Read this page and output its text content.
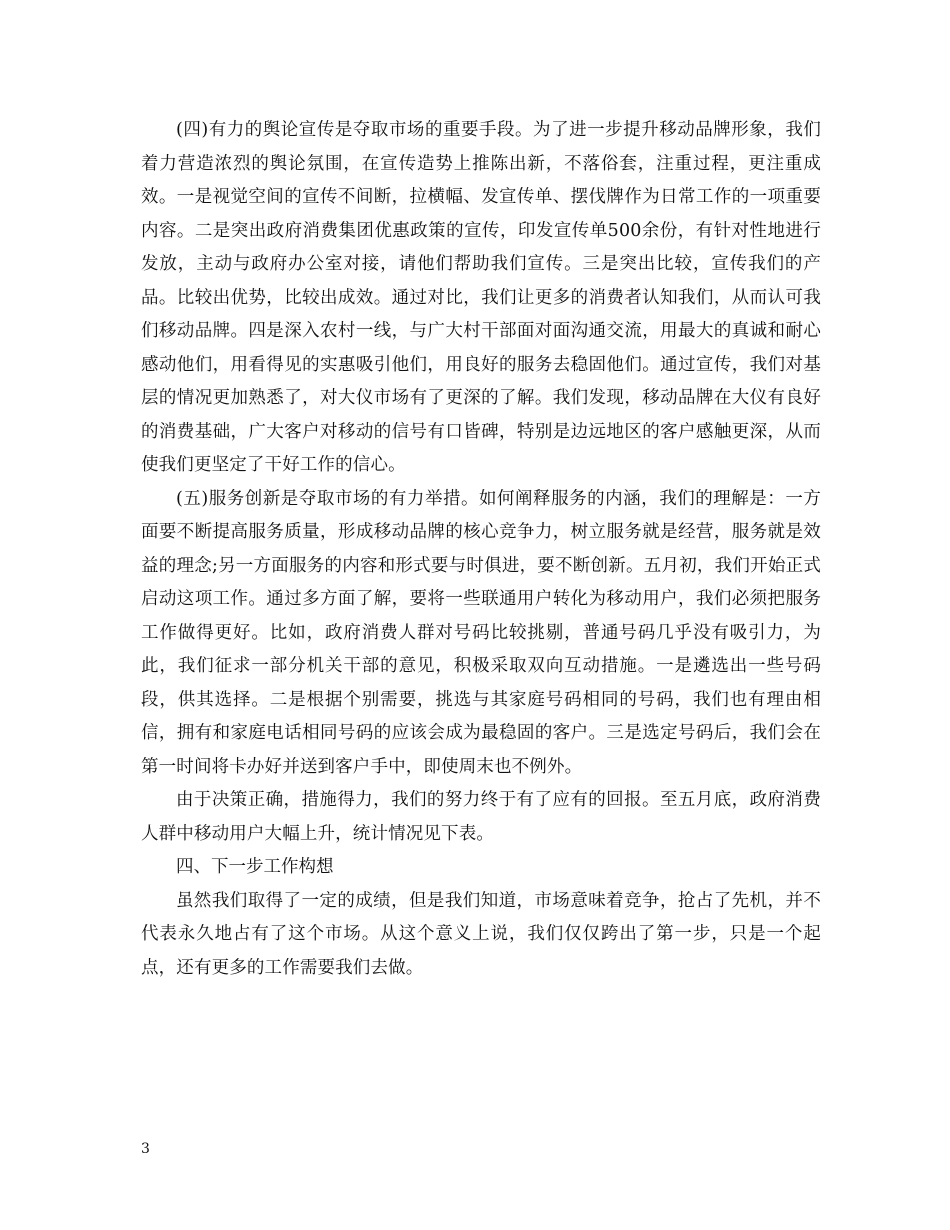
(四)有力的舆论宣传是夺取市场的重要手段。为了进一步提升移动品牌形象，我们着力营造浓烈的舆论氛围，在宣传造势上推陈出新，不落俗套，注重过程，更注重成效。一是视觉空间的宣传不间断，拉横幅、发宣传单、摆伐牌作为日常工作的一项重要内容。二是突出政府消费集团优惠政策的宣传，印发宣传单500余份，有针对性地进行发放，主动与政府办公室对接，请他们帮助我们宣传。三是突出比较，宣传我们的产品。比较出优势，比较出成效。通过对比，我们让更多的消费者认知我们，从而认可我们移动品牌。四是深入农村一线，与广大村干部面对面沟通交流，用最大的真诚和耐心感动他们，用看得见的实惠吸引他们，用良好的服务去稳固他们。通过宣传，我们对基层的情况更加熟悉了，对大仪市场有了更深的了解。我们发现，移动品牌在大仪有良好的消费基础，广大客户对移动的信号有口皆碑，特别是边远地区的客户感触更深，从而使我们更坚定了干好工作的信心。

(五)服务创新是夺取市场的有力举措。如何阐释服务的内涵，我们的理解是：一方面要不断提高服务质量，形成移动品牌的核心竞争力，树立服务就是经营，服务就是效益的理念;另一方面服务的内容和形式要与时俱进，要不断创新。五月初，我们开始正式启动这项工作。通过多方面了解，要将一些联通用户转化为移动用户，我们必须把服务工作做得更好。比如，政府消费人群对号码比较挑剔，普通号码几乎没有吸引力，为此，我们征求一部分机关干部的意见，积极采取双向互动措施。一是遴选出一些号码段，供其选择。二是根据个别需要，挑选与其家庭号码相同的号码，我们也有理由相信，拥有和家庭电话相同号码的应该会成为最稳固的客户。三是选定号码后，我们会在第一时间将卡办好并送到客户手中，即使周末也不例外。

由于决策正确，措施得力，我们的努力终于有了应有的回报。至五月底，政府消费人群中移动用户大幅上升，统计情况见下表。

四、下一步工作构想

虽然我们取得了一定的成绩，但是我们知道，市场意味着竞争，抢占了先机，并不代表永久地占有了这个市场。从这个意义上说，我们仅仅跨出了第一步，只是一个起点，还有更多的工作需要我们去做。

3
